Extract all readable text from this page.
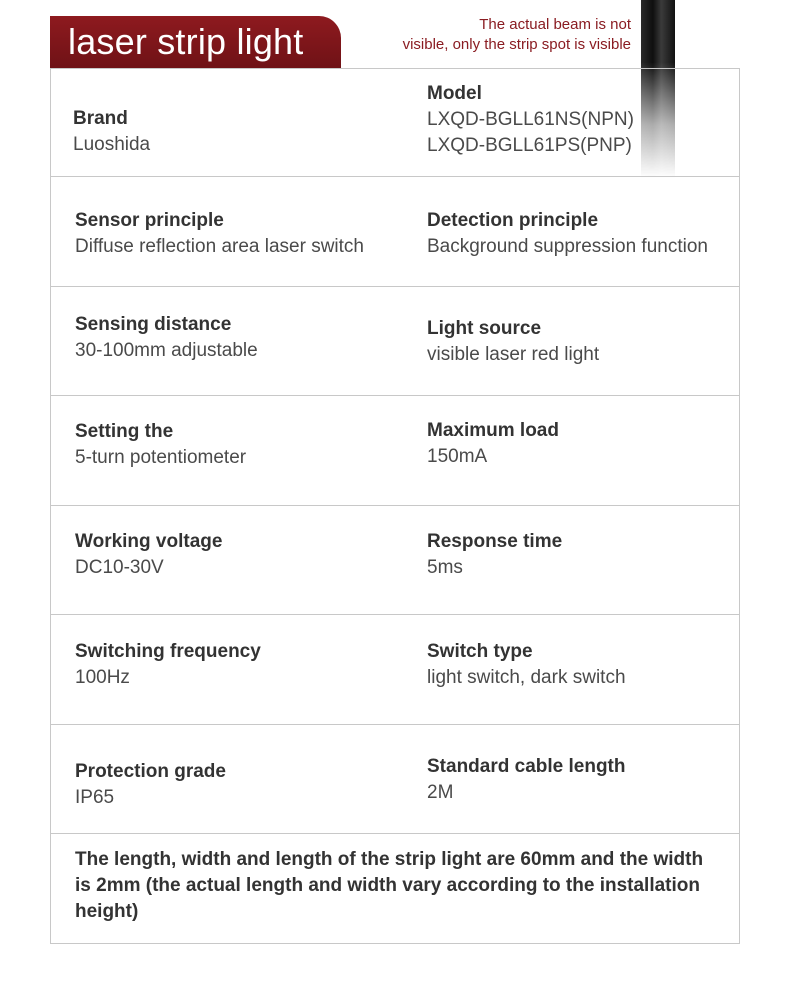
laser strip light	The actual beam is not
visible, only the strip spot is visible
Brand
Luoshida
Model
LXQD-BGLL61NS(NPN)
LXQD-BGLL61PS(PNP)
Sensor principle
Diffuse reflection area laser switch
Detection principle
Background suppression function
Sensing distance
30-100mm adjustable
Light source
visible laser red light
Setting the
5-turn potentiometer
Maximum load
150mA
Working voltage
DC10-30V
Response time
5ms
Switching frequency
100Hz
Switch type
light switch, dark switch
Protection grade
IP65
Standard cable length
2M
The length, width and length of the strip light are 60mm and the width is 2mm (the actual length and width vary according to the installation height)
